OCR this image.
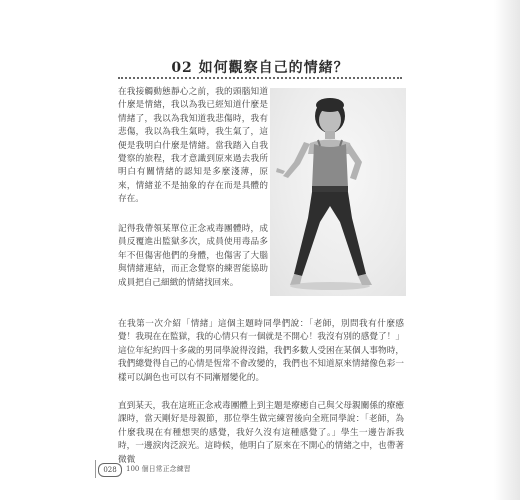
02 如何觀察自己的情緒？

在我接觸動態靜心之前，我的頭腦知道什麼是情緒，我以為我已經知道什麼是情緒了，我以為我知道我悲傷時，我有悲傷，我以為我生氣時，我生氣了，這便是我明白什麼是情緒。當我踏入自我覺察的旅程，我才意識到原來過去我所明白有關情緒的認知是多麼淺薄，原來，情緒並不是抽象的存在而是具體的存在。

記得我帶領某單位正念戒毒團體時，成員反覆進出監獄多次，成員使用毒品多年不但傷害他們的身體，也傷害了大腦與情緒連結，而正念覺察的練習能協助成員把自己細緻的情緒找回來。

在我第一次介紹「情緒」這個主題時同學們說：「老師，別問我有什麼感覺！我現在在監獄，我的心情只有一個就是不開心！我沒有別的感覺了！」這位年紀約四十多歲的男同學說得沒錯，我們多數人受困在某個人事物時，我們總覺得自己的心情是恆常不會改變的，我們也不知道原來情緒像色彩一樣可以調色也可以有不同漸層變化的。

直到某天，我在這班正念戒毒團體上到主題是療癒自己與父母親關係的療癒課時，當天剛好是母親節，那位學生做完練習後向全班同學說：「老師，為什麼我現在有種想哭的感覺，我好久沒有這種感覺了。」學生一邊告訴我時，一邊淚肉泛淚光。這時候，他明白了原來在不開心的情緒之中，也帶著微微

028	100 個日常正念練習
